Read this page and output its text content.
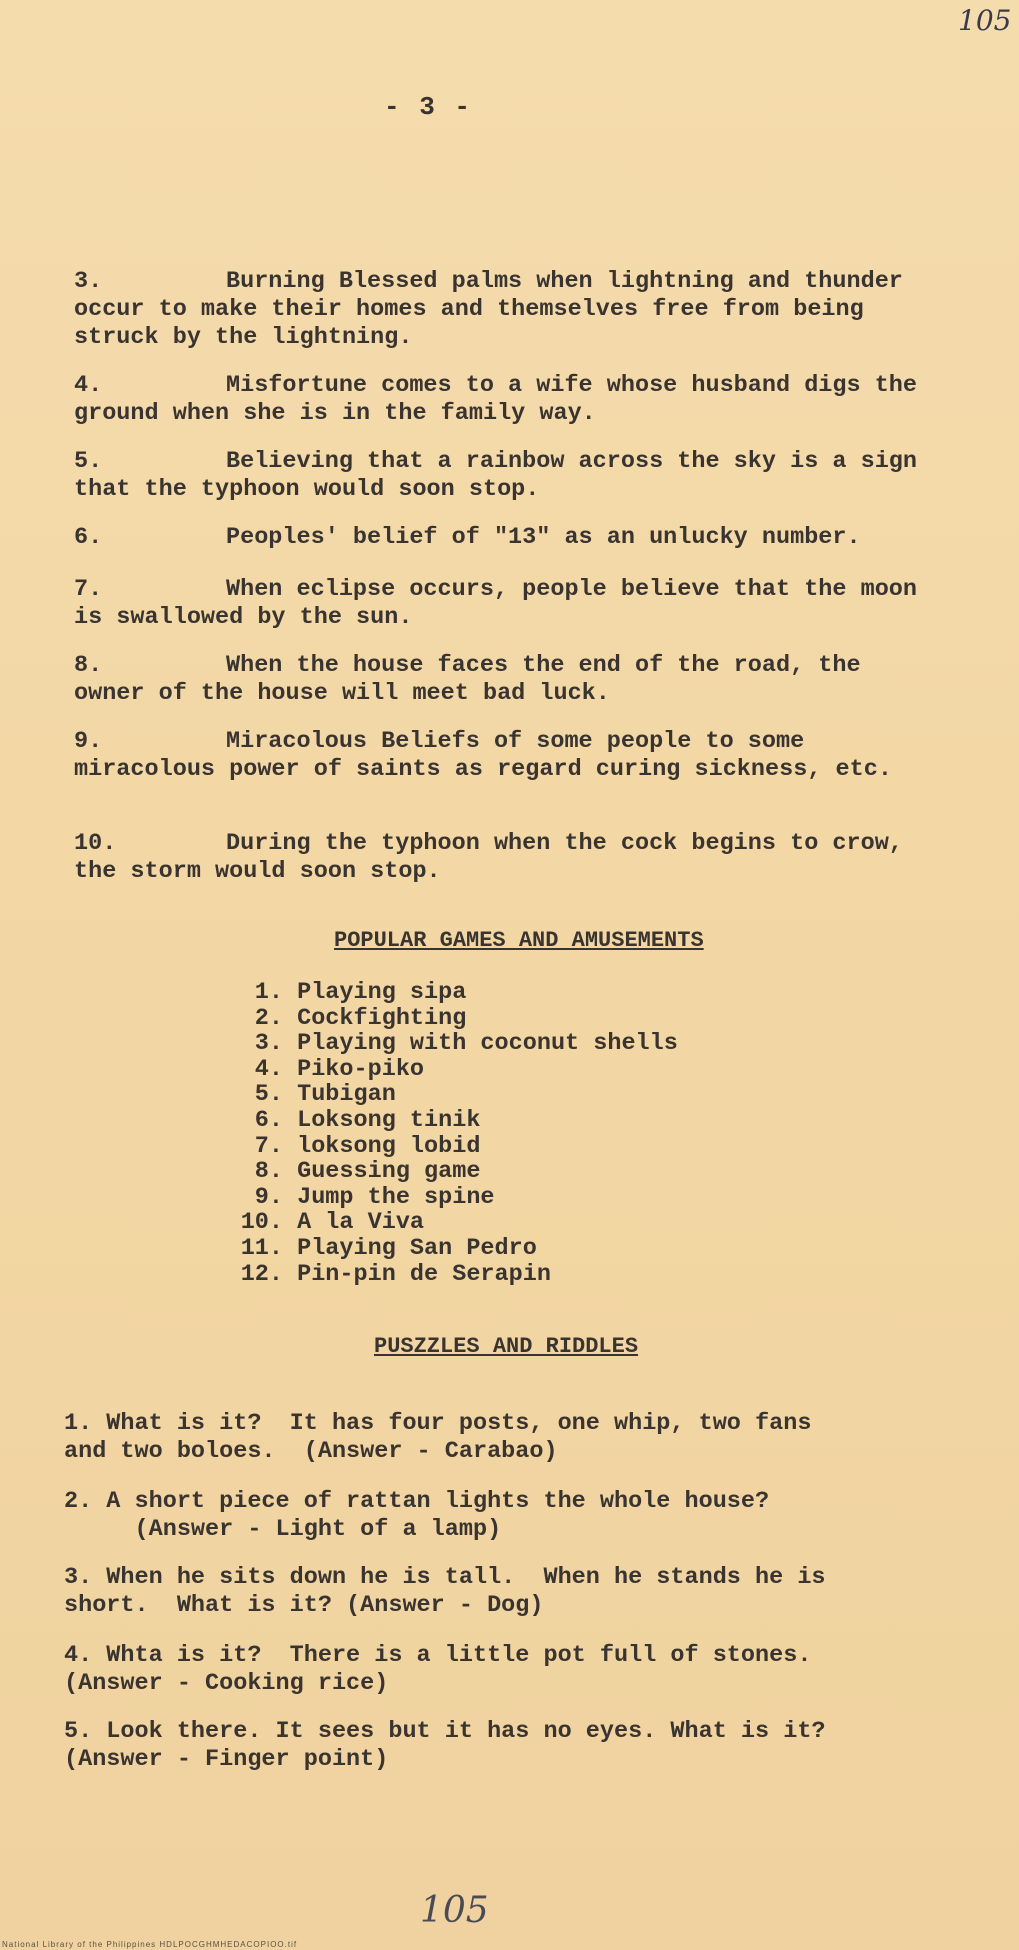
105
- 3 -
3.	Burning Blessed palms when lightning and thunder occur to make their homes and themselves free from being struck by the lightning.
4.	Misfortune comes to a wife whose husband digs the ground when she is in the family way.
5.	Believing that a rainbow across the sky is a sign that the typhoon would soon stop.
6.	Peoples' belief of "13" as an unlucky number.
7.	When eclipse occurs, people believe that the moon is swallowed by the sun.
8.	When the house faces the end of the road, the owner of the house will meet bad luck.
9.	Miracolous Beliefs of some people to some miracolous power of saints as regard curing sickness, etc.
10.	During the typhoon when the cock begins to crow, the storm would soon stop.
POPULAR GAMES AND AMUSEMENTS
1. Playing sipa
2. Cockfighting
3. Playing with coconut shells
4. Piko-piko
5. Tubigan
6. Loksong tinik
7. loksong lobid
8. Guessing game
9. Jump the spine
10. A la Viva
11. Playing San Pedro
12. Pin-pin de Serapin
PUSZZLES AND RIDDLES
1. What is it?  It has four posts, one whip, two fans
and two boloes.  (Answer - Carabao)
2. A short piece of rattan lights the whole house?
(Answer - Light of a lamp)
3. When he sits down he is tall.  When he stands he is
short.  What is it? (Answer - Dog)
4. Whta is it?  There is a little pot full of stones.
(Answer - Cooking rice)
5. Look there. It sees but it has no eyes. What is it?
(Answer - Finger point)
105
National Library of the Philippines HDLPOCGHMHEDACOPIOO.tif
